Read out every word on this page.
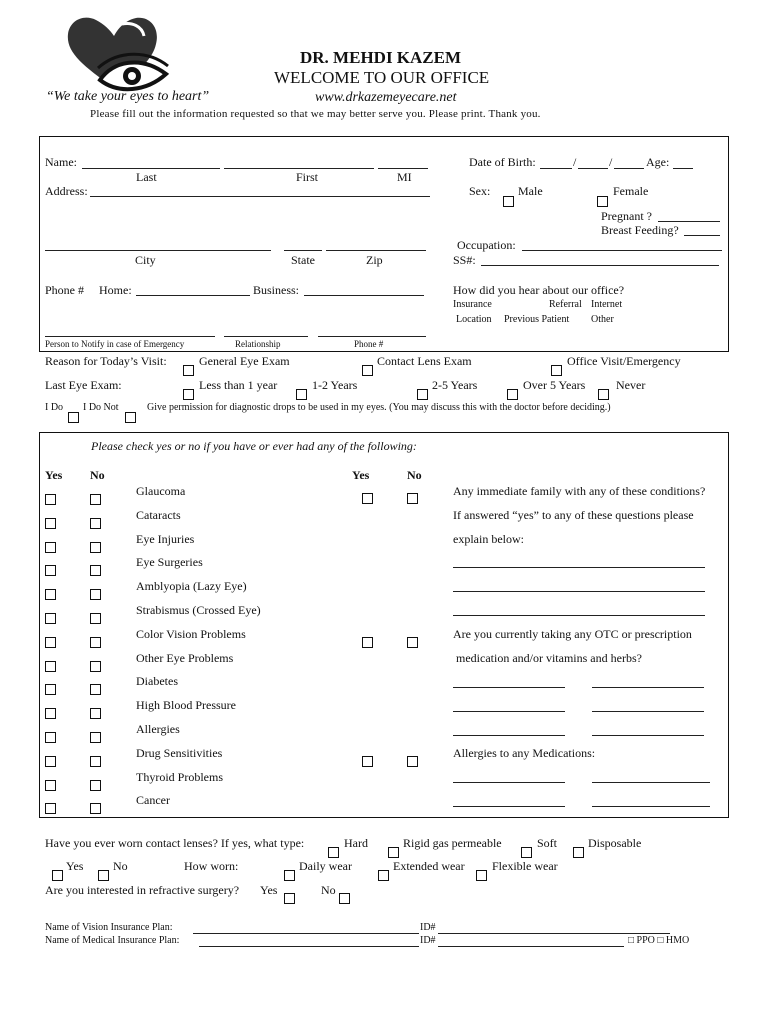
DR. MEHDI KAZEM
WELCOME TO OUR OFFICE
“We take your eyes to heart”	www.drkazemeyecare.net
Please fill out the information requested so that we may better serve you. Please print. Thank you.
Name:
Last	First	MI
Date of Birth:	/	/	Age:
Address:	Sex: Male	Female
Pregnant ?
Breast Feeding?
City	State	Zip
Occupation:
SS#:
Phone # Home:	Business:	How did you hear about our office?
Insurance	Referral Internet
Location Previous Patient Other
Person to Notify in case of Emergency	Relationship	Phone #
Reason for Today’s Visit:	General Eye Exam	Contact Lens Exam	Office Visit/Emergency
Last Eye Exam:	Less than 1 year	1-2 Years	2-5 Years	Over 5 Years	Never
I Do I Do Not	Give permission for diagnostic drops to be used in my eyes. (You may discuss this with the doctor before deciding.)
Please check yes or no if you have or ever had any of the following:
Yes No	Yes	No
Glaucoma
Cataracts
Eye Injuries
Eye Surgeries
Amblyopia (Lazy Eye)
Strabismus (Crossed Eye)
Color Vision Problems
Other Eye Problems
Diabetes
High Blood Pressure
Allergies
Drug Sensitivities
Thyroid Problems
Cancer
Any immediate family with any of these conditions?
If answered “yes” to any of these questions please
explain below:
Are you currently taking any OTC or prescription
medication and/or vitamins and herbs?
Allergies to any Medications:
Have you ever worn contact lenses? If yes, what type:	Hard	Rigid gas permeable	Soft	Disposable
Yes No	How worn:	Daily wear	Extended wear Flexible wear
Are you interested in refractive surgery? Yes	No
Name of Vision Insurance Plan:	ID#
Name of Medical Insurance Plan:	ID#	□ PPO □ HMO
